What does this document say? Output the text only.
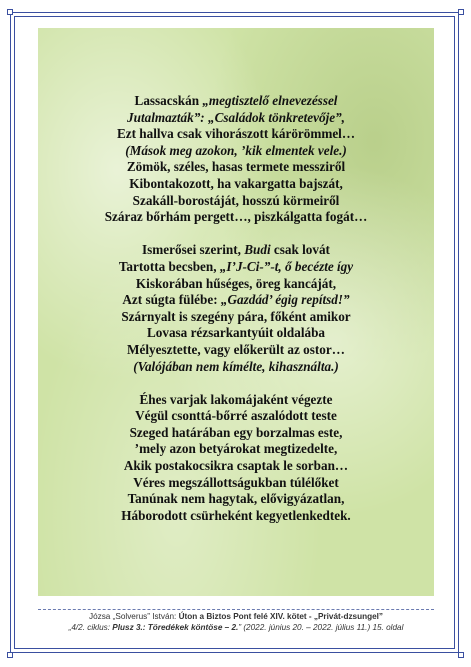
Lassacskán „megtisztelő elnevezéssel
Jutalmazták”: „Családok tönkretevője”,
Ezt hallva csak vihorászott kárörömmel…
(Mások meg azokon, ’kik elmentek vele.)
Zömök, széles, hasas termete messziről
Kibontakozott, ha vakargatta bajszát,
Szakáll-borostáját, hosszú körmeiről
Száraz bőrhám pergett…, piszkálgatta fogát…
Ismerősei szerint, Budi csak lovát
Tartotta becsben, „I’J-Ci-”-t, ő becézte így
Kiskorában hűséges, öreg kancáját,
Azt súgta fülébe: „Gazdád’ égig repítsd!”
Szárnyalt is szegény pára, főként amikor
Lovasa rézsarkantyúit oldalába
Mélyesztette, vagy előkerült az ostor…
(Valójában nem kímélte, kihasználta.)
Éhes varjak lakomájaként végezte
Végül csonttá-bőrré aszalódott teste
Szeged határában egy borzalmas este,
’mely azon betyárokat megtizedelte,
Akik postakocsikra csaptak le sorban…
Véres megszállottságukban túlélőket
Tanúnak nem hagytak, elővigyázatlan,
Háborodott csürheként kegyetlenkedtek.
Józsa „Solverus” István: Úton a Biztos Pont felé XIV. kötet - „Privát-dzsungel”
„4/2. ciklus: Plusz 3.: Töredékek köntöse – 2.” (2022. június 20. – 2022. július 11.) 15. oldal
